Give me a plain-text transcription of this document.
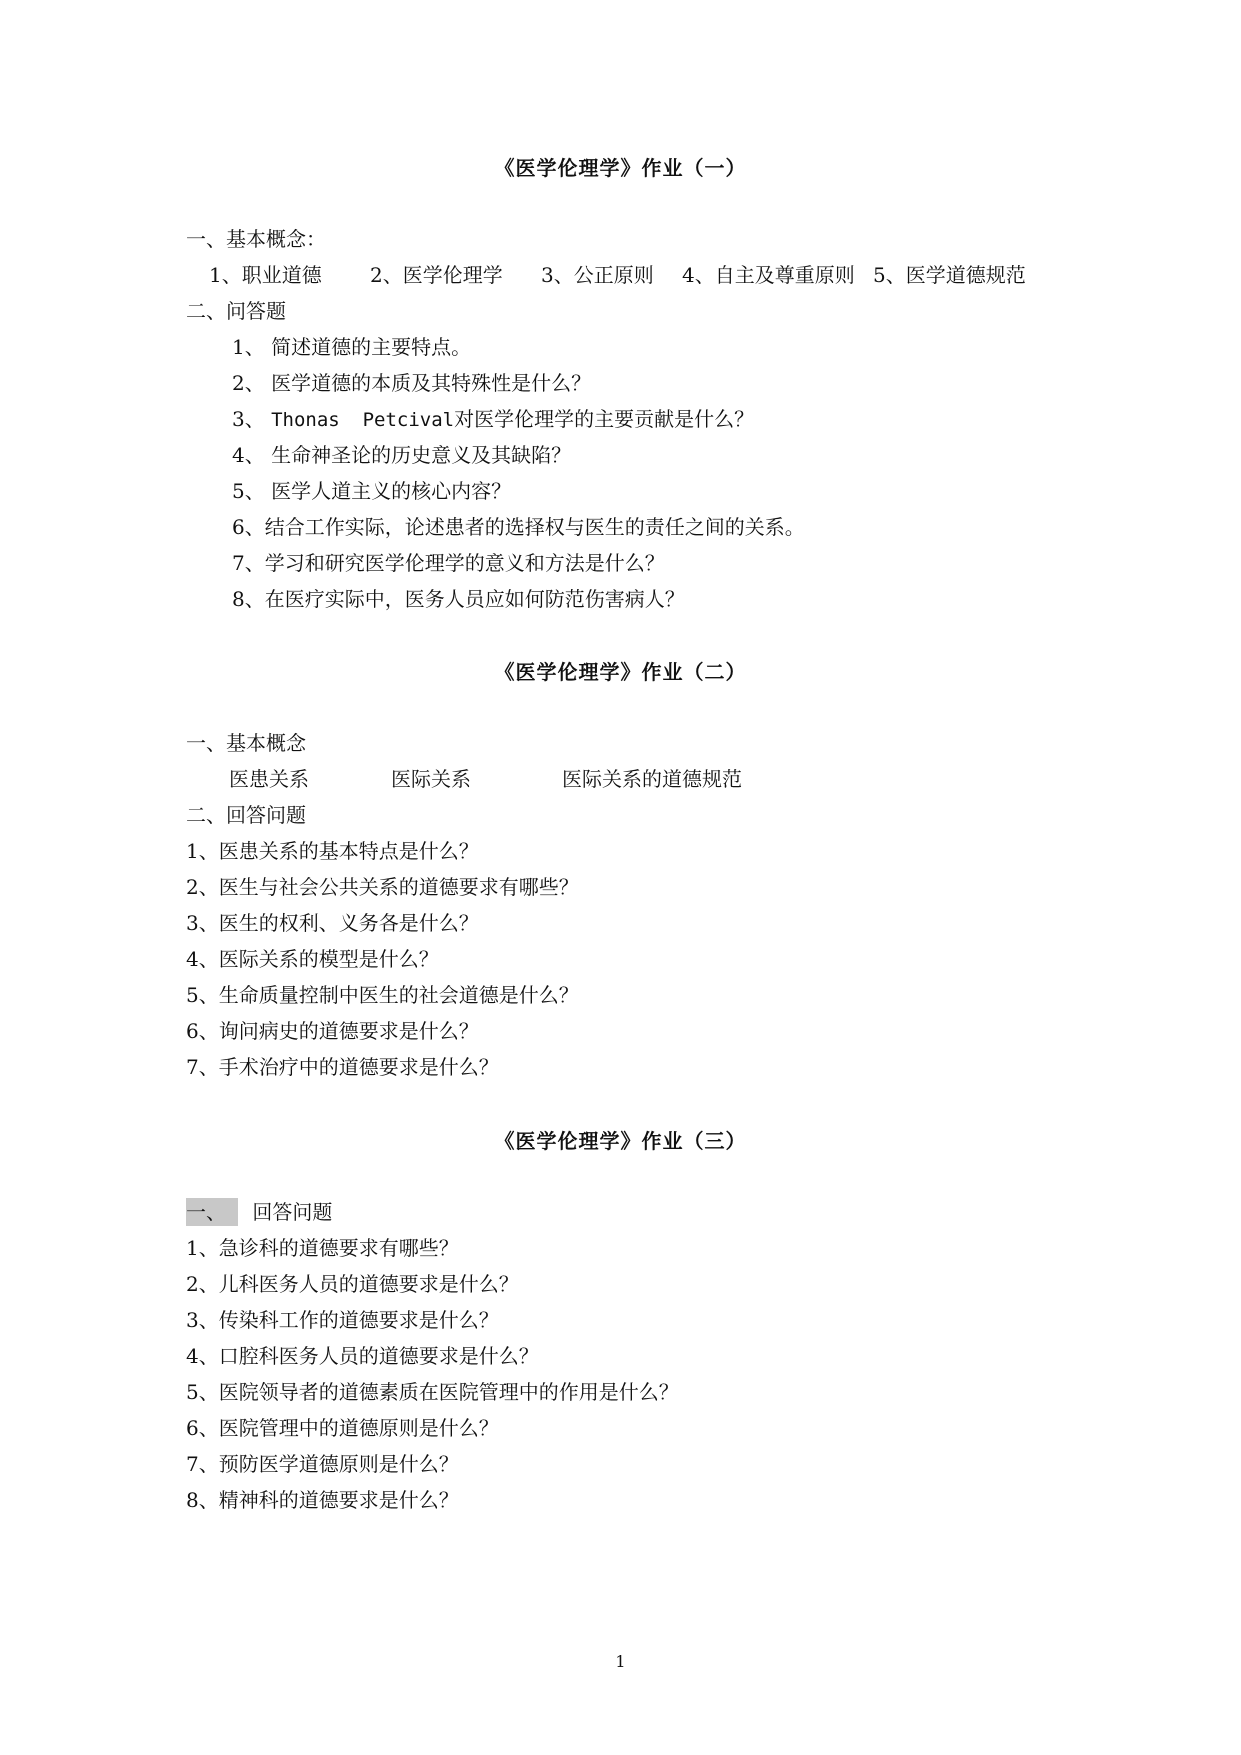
《医学伦理学》作业（一）
一、基本概念：
1、职业道德 2、医学伦理学 3、公正原则 4、自主及尊重原则 5、医学道德规范
二、问答题
1、 简述道德的主要特点。
2、 医学道德的本质及其特殊性是什么？
3、 Thonas  Petcival对医学伦理学的主要贡献是什么？
4、 生命神圣论的历史意义及其缺陷？
5、 医学人道主义的核心内容？
6、结合工作实际，论述患者的选择权与医生的责任之间的关系。
7、学习和研究医学伦理学的意义和方法是什么？
8、在医疗实际中，医务人员应如何防范伤害病人？
《医学伦理学》作业（二）
一、基本概念
医患关系	医际关系	医际关系的道德规范
二、回答问题
1、医患关系的基本特点是什么？
2、医生与社会公共关系的道德要求有哪些？
3、医生的权利、义务各是什么？
4、医际关系的模型是什么？
5、生命质量控制中医生的社会道德是什么？
6、询问病史的道德要求是什么？
7、手术治疗中的道德要求是什么？
《医学伦理学》作业（三）
一、 回答问题
1、急诊科的道德要求有哪些？
2、儿科医务人员的道德要求是什么？
3、传染科工作的道德要求是什么？
4、口腔科医务人员的道德要求是什么？
5、医院领导者的道德素质在医院管理中的作用是什么？
6、医院管理中的道德原则是什么？
7、预防医学道德原则是什么？
8、精神科的道德要求是什么？
1
